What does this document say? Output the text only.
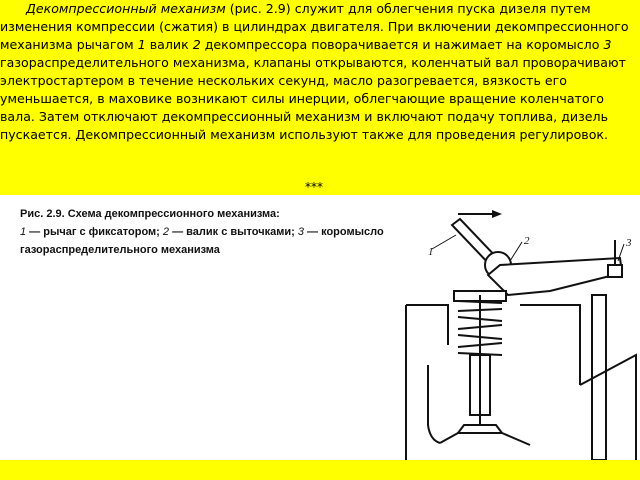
Декомпрессионный механизм (рис. 2.9) служит для облегчения пуска дизеля путем изменения компрессии (сжатия) в цилиндрах двигателя. При включении декомпрессионного механизма рычагом 1 валик 2 декомпрессора поворачивается и нажимает на коромысло 3 газораспределительного механизма, клапаны открываются, коленчатый вал проворачивают электростартером в течение нескольких секунд, масло разогревается, вязкость его уменьшается, в маховике возникают силы инерции, облегчающие вращение коленчатого вала. Затем отключают декомпрессионный механизм и включают подачу топлива, дизель пускается. Декомпрессионный механизм используют также для проведения регулировок.

***
Рис. 2.9. Схема декомпрессионного механизма:
1 — рычаг с фиксатором; 2 — валик с выточками; 3 — коромысло газораспределительного механизма	1
2	3
